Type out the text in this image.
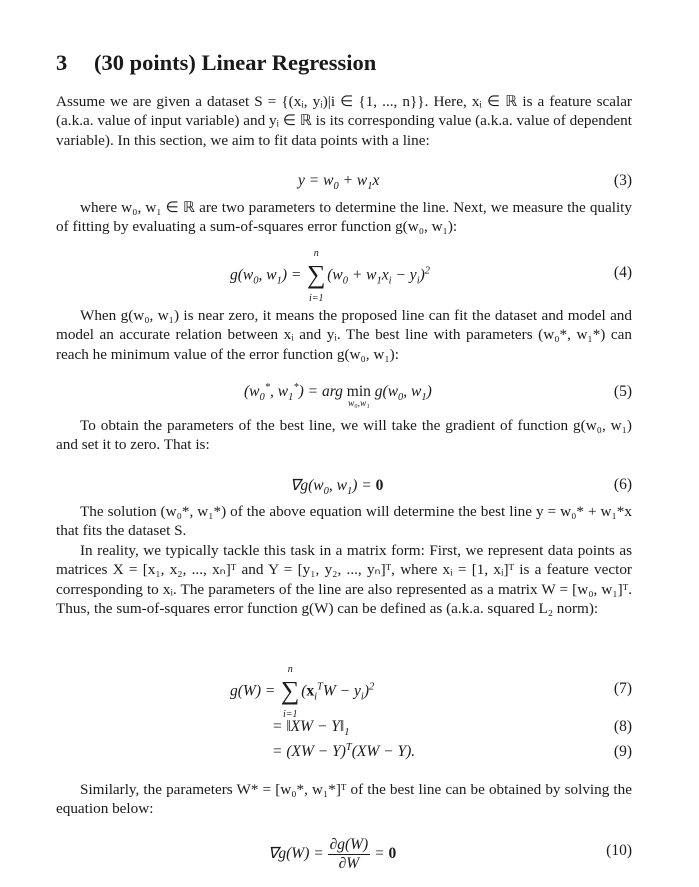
3 (30 points) Linear Regression
Assume we are given a dataset S = {(xᵢ, yᵢ)|i ∈ {1, ..., n}}. Here, xᵢ ∈ ℝ is a feature scalar (a.k.a. value of input variable) and yᵢ ∈ ℝ is its corresponding value (a.k.a. value of dependent variable). In this section, we aim to fit data points with a line:
$y = w_0 + w_1x$	(3)
where w₀, w₁ ∈ ℝ are two parameters to determine the line. Next, we measure the quality of fitting by evaluating a sum-of-squares error function g(w₀, w₁):
$g(w_0$, $w_1$) =
n
∑
i=1
$(w_0 + w_1x_i - y_i)^2$	(4)
When g(w₀, w₁) is near zero, it means the proposed line can fit the dataset and model and model an accurate relation between xᵢ and yᵢ. The best line with parameters (w₀*, w₁*) can reach he minimum value of the error function g(w₀, w₁):
($w_0^*$, $w_1^*$) = arg min
w₀,w₁
$g(w_0$, $w_1$)	(5)
To obtain the parameters of the best line, we will take the gradient of function g(w₀, w₁) and set it to zero. That is:
$\nabla g(w_0$, $w_1) = 0$	(6)
The solution (w₀*, w₁*) of the above equation will determine the best line y = w₀* + w₁*x that fits the dataset S.
In reality, we typically tackle this task in a matrix form: First, we represent data points as matrices X = [x₁, x₂, ..., xₙ]ᵀ and Y = [y₁, y₂, ..., yₙ]ᵀ, where xᵢ = [1, xᵢ]ᵀ is a feature vector corresponding to xᵢ. The parameters of the line are also represented as a matrix W = [w₀, w₁]ᵀ. Thus, the sum-of-squares error function g(W) can be defined as (a.k.a. squared L₂ norm):
g(W) =
n
∑
i=1
$(x_i^TW - y_i)^2$	(7)
= ‖XW − $Y‖_1$	(8)
= (XW − Y)$^T$(XW − Y).	(9)
Similarly, the parameters W* = [w₀*, w₁*]ᵀ of the best line can be obtained by solving the equation below:
$\nabla g(W) = \frac{\partial g(W)}{\partial W} = 0$	(10)
